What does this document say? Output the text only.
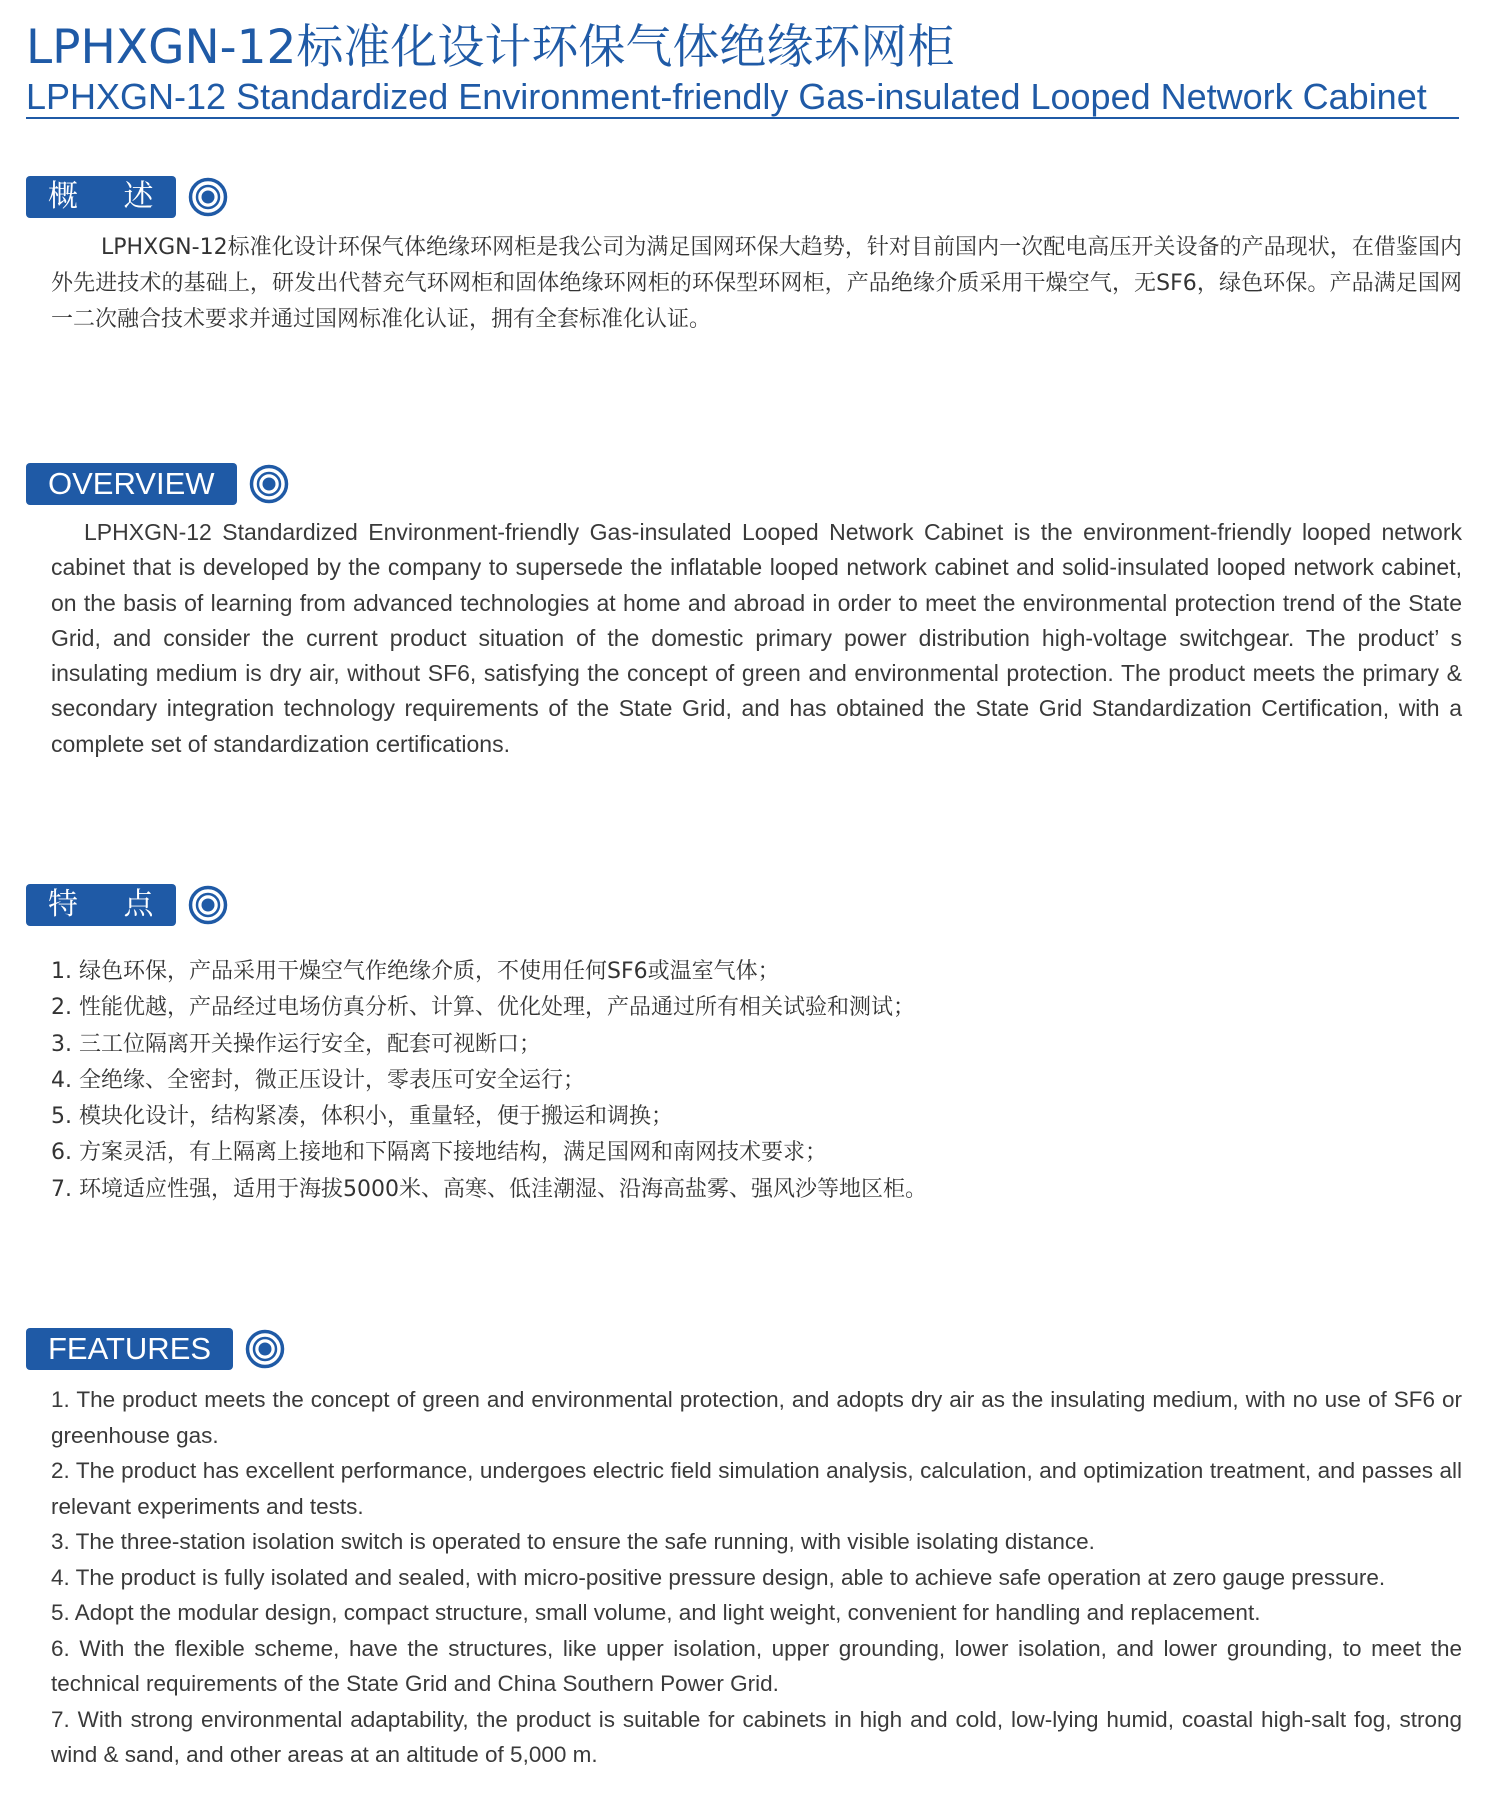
LPHXGN-12标准化设计环保气体绝缘环网柜
LPHXGN-12 Standardized Environment-friendly Gas-insulated Looped Network Cabinet
概 述

LPHXGN-12标准化设计环保气体绝缘环网柜是我公司为满足国网环保大趋势，针对目前国内一次配电高压开关设备的产品现状，在借鉴国内外先进技术的基础上，研发出代替充气环网柜和固体绝缘环网柜的环保型环网柜，产品绝缘介质采用干燥空气，无SF6，绿色环保。产品满足国网一二次融合技术要求并通过国网标准化认证，拥有全套标准化认证。

OVERVIEW

LPHXGN-12 Standardized Environment-friendly Gas-insulated Looped Network Cabinet is the environment-friendly looped network cabinet that is developed by the company to supersede the inflatable looped network cabinet and solid-insulated looped network cabinet, on the basis of learning from advanced technologies at home and abroad in order to meet the environmental protection trend of the State Grid, and consider the current product situation of the domestic primary power distribution high-voltage switchgear. The product’ s insulating medium is dry air, without SF6, satisfying the concept of green and environmental protection. The product meets the primary & secondary integration technology requirements of the State Grid, and has obtained the State Grid Standardization Certification, with a complete set of standardization certifications.

特 点
1. 绿色环保，产品采用干燥空气作绝缘介质，不使用任何SF6或温室气体；
2. 性能优越，产品经过电场仿真分析、计算、优化处理，产品通过所有相关试验和测试；
3. 三工位隔离开关操作运行安全，配套可视断口；
4. 全绝缘、全密封，微正压设计，零表压可安全运行；
5. 模块化设计，结构紧凑，体积小，重量轻，便于搬运和调换；
6. 方案灵活，有上隔离上接地和下隔离下接地结构，满足国网和南网技术要求；
7. 环境适应性强，适用于海拔5000米、高寒、低洼潮湿、沿海高盐雾、强风沙等地区柜。
FEATURES
1. The product meets the concept of green and environmental protection, and adopts dry air as the insulating medium, with no use of SF6 or greenhouse gas.
2. The product has excellent performance, undergoes electric field simulation analysis, calculation, and optimization treatment, and passes all relevant experiments and tests.
3. The three-station isolation switch is operated to ensure the safe running, with visible isolating distance.
4. The product is fully isolated and sealed, with micro-positive pressure design, able to achieve safe operation at zero gauge pressure.
5. Adopt the modular design, compact structure, small volume, and light weight, convenient for handling and replacement.
6. With the flexible scheme, have the structures, like upper isolation, upper grounding, lower isolation, and lower grounding, to meet the technical requirements of the State Grid and China Southern Power Grid.
7. With strong environmental adaptability, the product is suitable for cabinets in high and cold, low-lying humid, coastal high-salt fog, strong wind & sand, and other areas at an altitude of 5,000 m.
